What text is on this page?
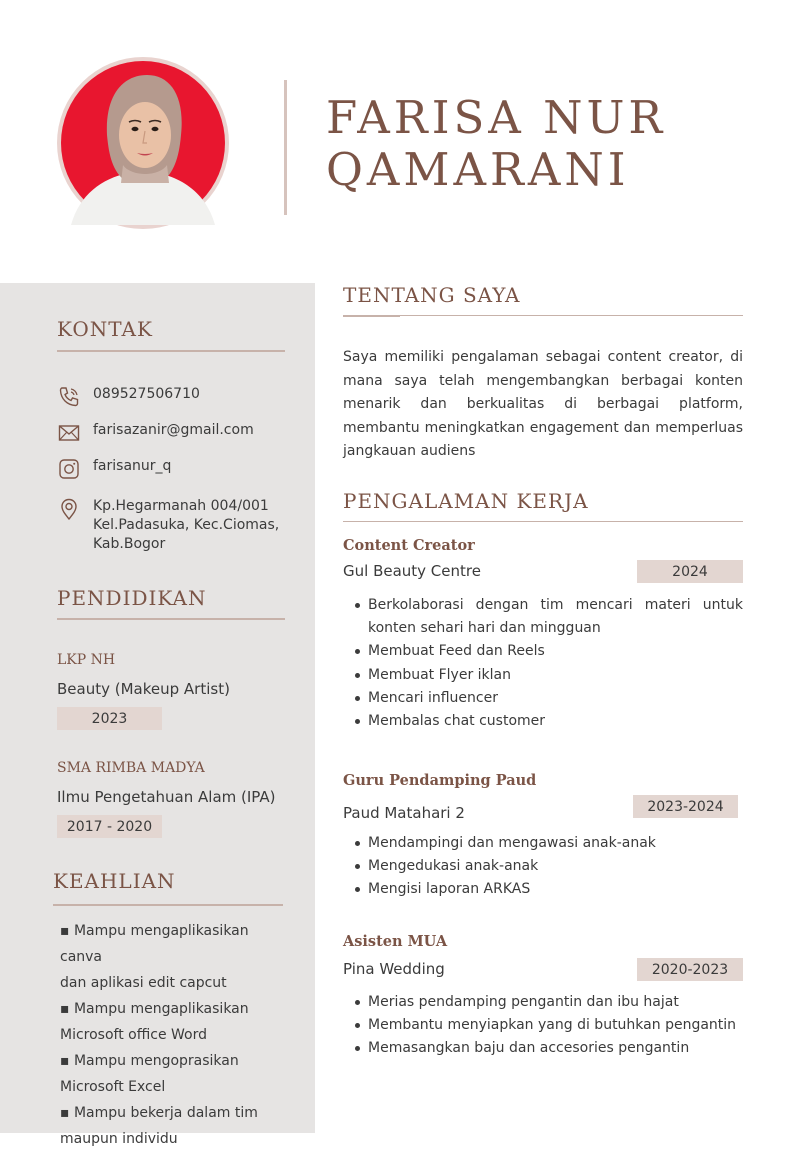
FARISA NUR
QAMARANI
KONTAK
089527506710
farisazanir@gmail.com
farisanur_q
Kp.Hegarmanah 004/001
Kel.Padasuka, Kec.Ciomas,
Kab.Bogor
PENDIDIKAN
LKP NH
Beauty (Makeup Artist)
2023
SMA RIMBA MADYA
Ilmu Pengetahuan Alam (IPA)
2017 - 2020
KEAHLIAN
▪ Mampu mengaplikasikan canva
dan aplikasi edit capcut
▪ Mampu mengaplikasikan
Microsoft office Word
▪ Mampu mengoprasikan
Microsoft Excel
▪ Mampu bekerja dalam tim
maupun individu
TENTANG SAYA
Saya memiliki pengalaman sebagai content creator, di mana saya telah mengembangkan berbagai konten menarik dan berkualitas di berbagai platform, membantu meningkatkan engagement dan memperluas jangkauan audiens
PENGALAMAN KERJA
Content Creator
Gul Beauty Centre	2024
Berkolaborasi dengan tim mencari materi untuk konten sehari hari dan mingguan
Membuat Feed dan Reels
Membuat Flyer iklan
Mencari influencer
Membalas chat customer
Guru Pendamping Paud
Paud Matahari 2	2023-2024
Mendampingi dan mengawasi anak-anak
Mengedukasi anak-anak
Mengisi laporan ARKAS
Asisten MUA
Pina Wedding	2020-2023
Merias pendamping pengantin dan ibu hajat
Membantu menyiapkan yang di butuhkan pengantin
Memasangkan baju dan accesories pengantin
